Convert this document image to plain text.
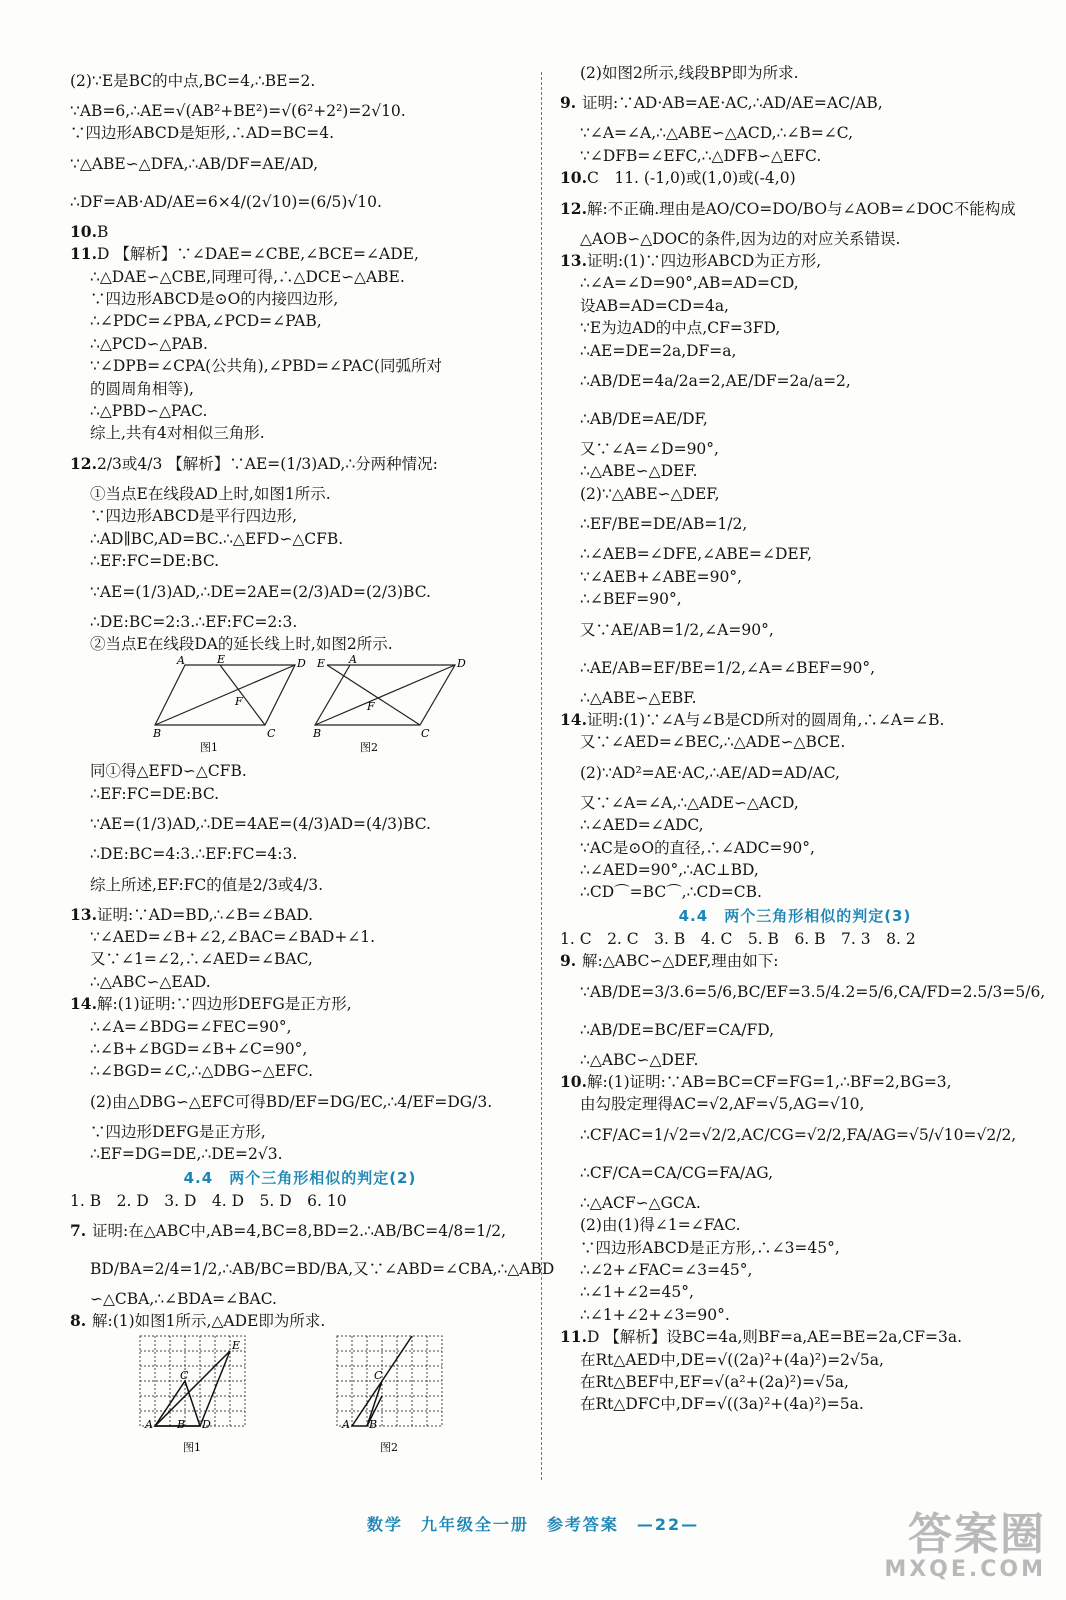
(2)∵E是BC的中点,BC=4,∴BE=2.
∵AB=6,∴AE=√(AB²+BE²)=√(6²+2²)=2√10.
∵四边形ABCD是矩形,∴AD=BC=4.
∵△ABE∽△DFA,∴AB/DF=AE/AD,
∴DF=AB·AD/AE=6×4/(2√10)=(6/5)√10.
10.B
11.D 【解析】∵∠DAE=∠CBE,∠BCE=∠ADE,
∴△DAE∽△CBE,同理可得,∴△DCE∽△ABE.
∵四边形ABCD是⊙O的内接四边形,
∴∠PDC=∠PBA,∠PCD=∠PAB,
∴△PCD∽△PAB.
∵∠DPB=∠CPA(公共角),∠PBD=∠PAC(同弧所对
的圆周角相等),
∴△PBD∽△PAC.
综上,共有4对相似三角形.
12.2/3或4/3 【解析】∵AE=(1/3)AD,∴分两种情况:
①当点E在线段AD上时,如图1所示.
∵四边形ABCD是平行四边形,
∴AD∥BC,AD=BC.∴△EFD∽△CFB.
∴EF:FC=DE:BC.
∵AE=(1/3)AD,∴DE=2AE=(2/3)AD=(2/3)BC.
∴DE:BC=2:3.∴EF:FC=2:3.
②当点E在线段DA的延长线上时,如图2所示.
A	E	D
F
B	C
图1
E A	D
F
B	C
图2
同①得△EFD∽△CFB.
∴EF:FC=DE:BC.
∵AE=(1/3)AD,∴DE=4AE=(4/3)AD=(4/3)BC.
∴DE:BC=4:3.∴EF:FC=4:3.
综上所述,EF:FC的值是2/3或4/3.
13.证明:∵AD=BD,∴∠B=∠BAD.
∵∠AED=∠B+∠2,∠BAC=∠BAD+∠1.
又∵∠1=∠2,∴∠AED=∠BAC,
∴△ABC∽△EAD.
14.解:(1)证明:∵四边形DEFG是正方形,
∴∠A=∠BDG=∠FEC=90°,
∴∠B+∠BGD=∠B+∠C=90°,
∴∠BGD=∠C,∴△DBG∽△EFC.
(2)由△DBG∽△EFC可得BD/EF=DG/EC,∴4/EF=DG/3.
∵四边形DEFG是正方形,
∴EF=DG=DE,∴DE=2√3.
4.4　两个三角形相似的判定(2)
1. B　2. D　3. D　4. D　5. D　6. 10
7. 证明:在△ABC中,AB=4,BC=8,BD=2.∴AB/BC=4/8=1/2,
BD/BA=2/4=1/2,∴AB/BC=BD/BA,又∵∠ABD=∠CBA,∴△ABD
∽△CBA,∴∠BDA=∠BAC.
8. 解:(1)如图1所示,△ADE即为所求.
A
C
E
B D
图1
A
C
B
图2
(2)如图2所示,线段BP即为所求.
9. 证明:∵AD·AB=AE·AC,∴AD/AE=AC/AB,
∵∠A=∠A,∴△ABE∽△ACD,∴∠B=∠C,
∵∠DFB=∠EFC,∴△DFB∽△EFC.
10.C　11. (-1,0)或(1,0)或(-4,0)
12.解:不正确.理由是AO/CO=DO/BO与∠AOB=∠DOC不能构成
△AOB∽△DOC的条件,因为边的对应关系错误.
13.证明:(1)∵四边形ABCD为正方形,
∴∠A=∠D=90°,AB=AD=CD,
设AB=AD=CD=4a,
∵E为边AD的中点,CF=3FD,
∴AE=DE=2a,DF=a,
∴AB/DE=4a/2a=2,AE/DF=2a/a=2,
∴AB/DE=AE/DF,
又∵∠A=∠D=90°,
∴△ABE∽△DEF.
(2)∵△ABE∽△DEF,
∴EF/BE=DE/AB=1/2,
∴∠AEB=∠DFE,∠ABE=∠DEF,
∵∠AEB+∠ABE=90°,
∴∠BEF=90°,
又∵AE/AB=1/2,∠A=90°,
∴AE/AB=EF/BE=1/2,∠A=∠BEF=90°,
∴△ABE∽△EBF.
14.证明:(1)∵∠A与∠B是CD所对的圆周角,∴∠A=∠B.
又∵∠AED=∠BEC,∴△ADE∽△BCE.
(2)∵AD²=AE·AC,∴AE/AD=AD/AC,
又∵∠A=∠A,∴△ADE∽△ACD,
∴∠AED=∠ADC,
∵AC是⊙O的直径,∴∠ADC=90°,
∴∠AED=90°,∴AC⊥BD,
∴CD⌒=BC⌒,∴CD=CB.
4.4　两个三角形相似的判定(3)
1. C　2. C　3. B　4. C　5. B　6. B　7. 3　8. 2
9. 解:△ABC∽△DEF,理由如下:
∵AB/DE=3/3.6=5/6,BC/EF=3.5/4.2=5/6,CA/FD=2.5/3=5/6,
∴AB/DE=BC/EF=CA/FD,
∴△ABC∽△DEF.
10.解:(1)证明:∵AB=BC=CF=FG=1,∴BF=2,BG=3,
由勾股定理得AC=√2,AF=√5,AG=√10,
∴CF/AC=1/√2=√2/2,AC/CG=√2/2,FA/AG=√5/√10=√2/2,
∴CF/CA=CA/CG=FA/AG,
∴△ACF∽△GCA.
(2)由(1)得∠1=∠FAC.
∵四边形ABCD是正方形,∴∠3=45°,
∴∠2+∠FAC=∠3=45°,
∴∠1+∠2=45°,
∴∠1+∠2+∠3=90°.
11.D 【解析】设BC=4a,则BF=a,AE=BE=2a,CF=3a.
在Rt△AED中,DE=√((2a)²+(4a)²)=2√5a,
在Rt△BEF中,EF=√(a²+(2a)²)=√5a,
在Rt△DFC中,DF=√((3a)²+(4a)²)=5a.
数学　九年级全一册　参考答案　—22—	答案圈
MXQE.COM
